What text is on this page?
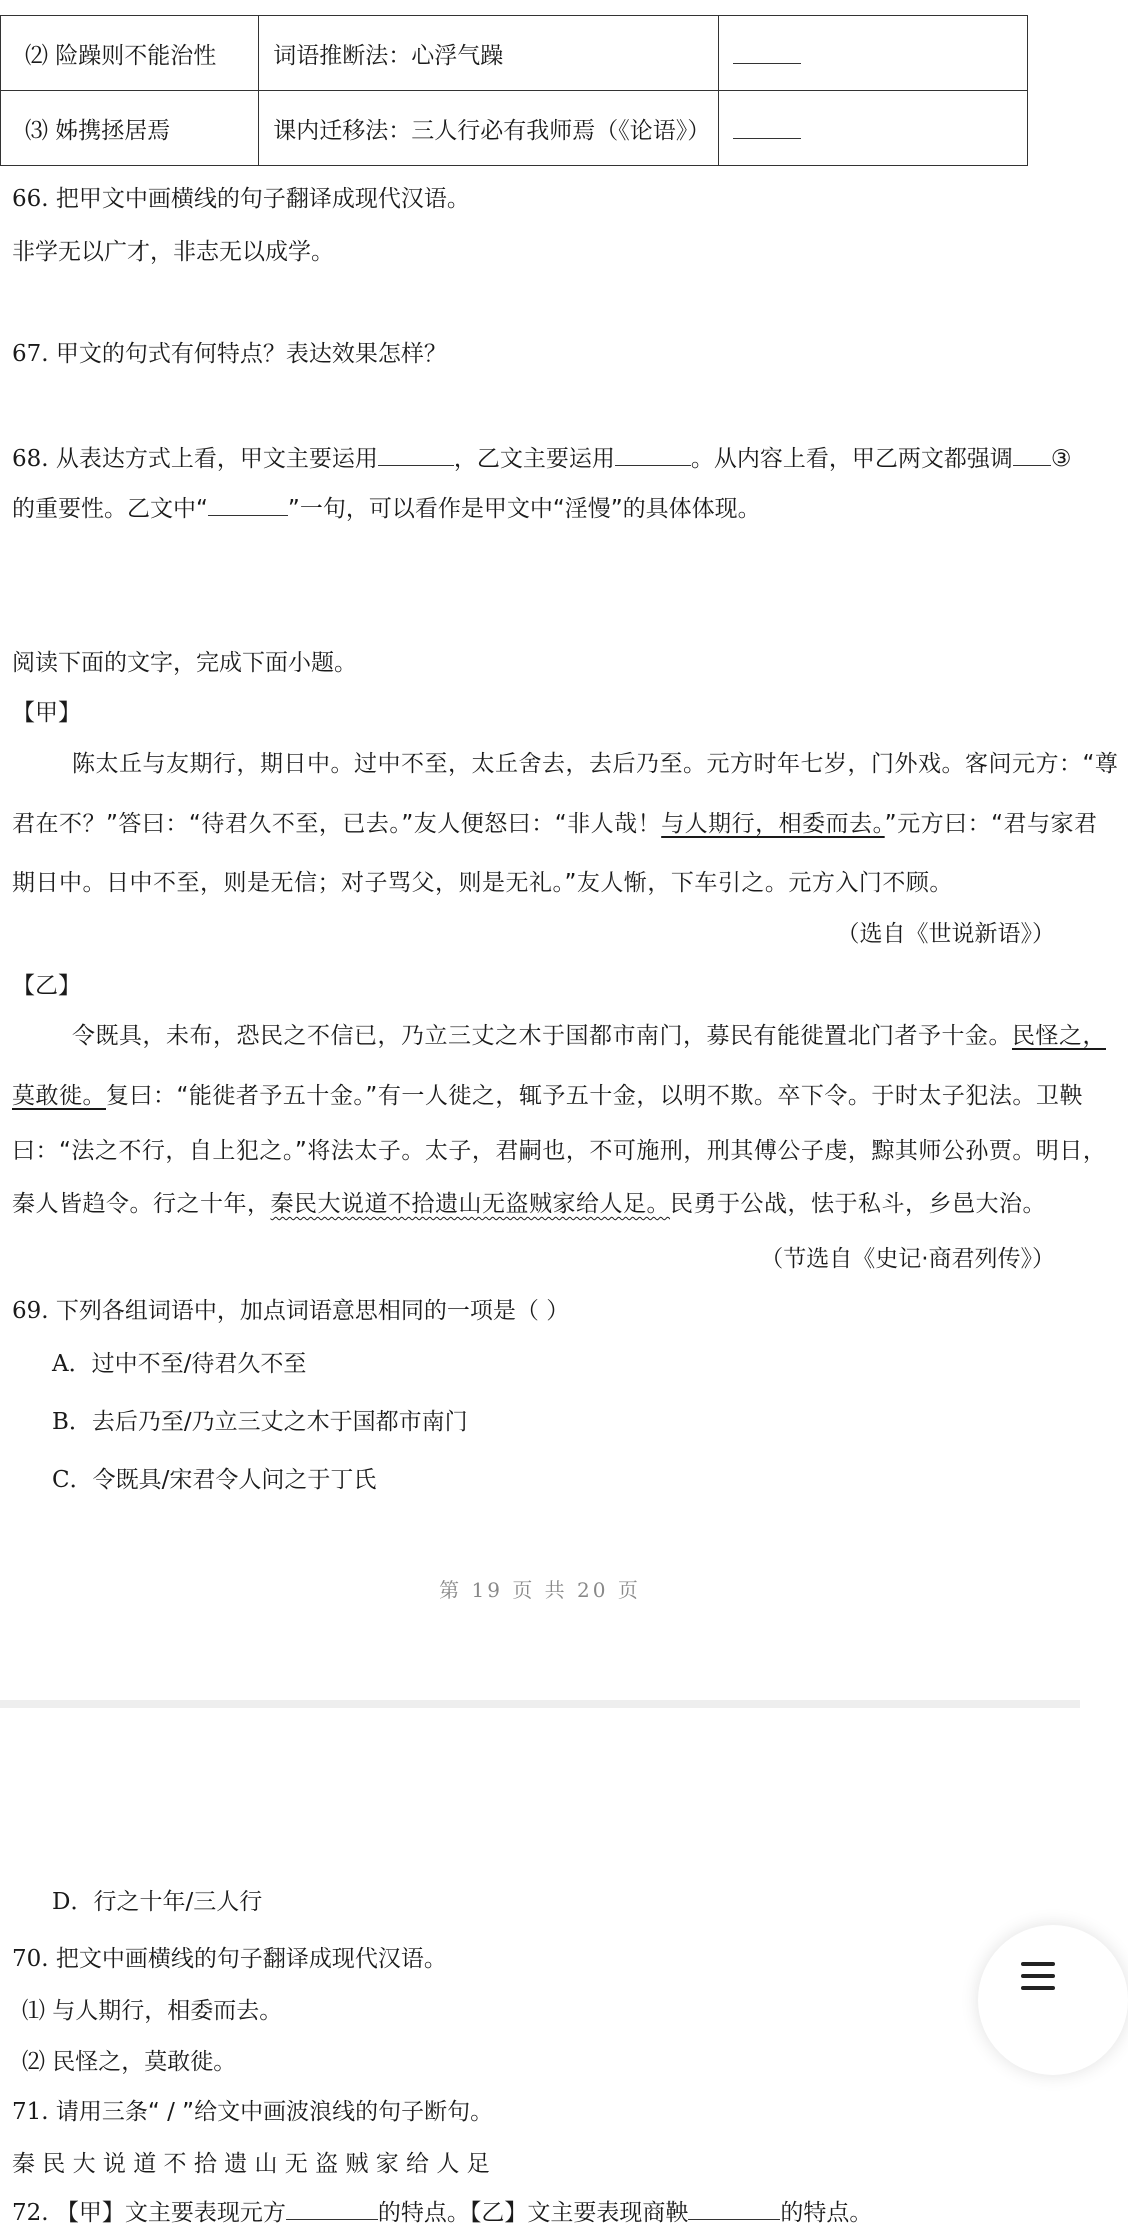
⑵ 险躁则不能治性	词语推断法：心浮气躁	
⑶ 姊携拯居焉	课内迁移法：三人行必有我师焉（《论语》）	
66. 把甲文中画横线的句子翻译成现代汉语。
非学无以广才，非志无以成学。
67. 甲文的句式有何特点？表达效果怎样？
68. 从表达方式上看，甲文主要运用	，乙文主要运用	。从内容上看，甲乙两文都强调 ③
的重要性。乙文中“	”一句，可以看作是甲文中“淫慢”的具体体现。
阅读下面的文字，完成下面小题。
【甲】
陈太丘与友期行，期日中。过中不至，太丘舍去，去后乃至。元方时年七岁，门外戏。客问元方：“尊
君在不？”答曰：“待君久不至，已去。”友人便怒曰：“非人哉！与人期行，相委而去。”元方曰：“君与家君
期日中。日中不至，则是无信；对子骂父，则是无礼。”友人惭，下车引之。元方入门不顾。
（选自《世说新语》）
【乙】
令既具，未布，恐民之不信已，乃立三丈之木于国都市南门，募民有能徙置北门者予十金。民怪之，
莫敢徙。复曰：“能徙者予五十金。”有一人徙之，辄予五十金，以明不欺。卒下令。于时太子犯法。卫鞅
曰：“法之不行，自上犯之。”将法太子。太子，君嗣也，不可施刑，刑其傅公子虔，黥其师公孙贾。明日，
秦人皆趋令。行之十年，秦民大说道不拾遗山无盗贼家给人足。民勇于公战，怯于私斗，乡邑大治。
（节选自《史记·商君列传》）
69. 下列各组词语中，加点词语意思相同的一项是（ ）
A．过中不至/待君久不至
B．去后乃至/乃立三丈之木于国都市南门
C．令既具/宋君令人问之于丁氏
第 19 页 共 20 页
D．行之十年/三人行
70. 把文中画横线的句子翻译成现代汉语。
⑴ 与人期行，相委而去。
⑵ 民怪之，莫敢徙。
71. 请用三条“ / ”给文中画波浪线的句子断句。
秦 民 大 说 道 不 拾 遗 山 无 盗 贼 家 给 人 足
72. 【甲】文主要表现元方	的特点。【乙】文主要表现商鞅	的特点。
